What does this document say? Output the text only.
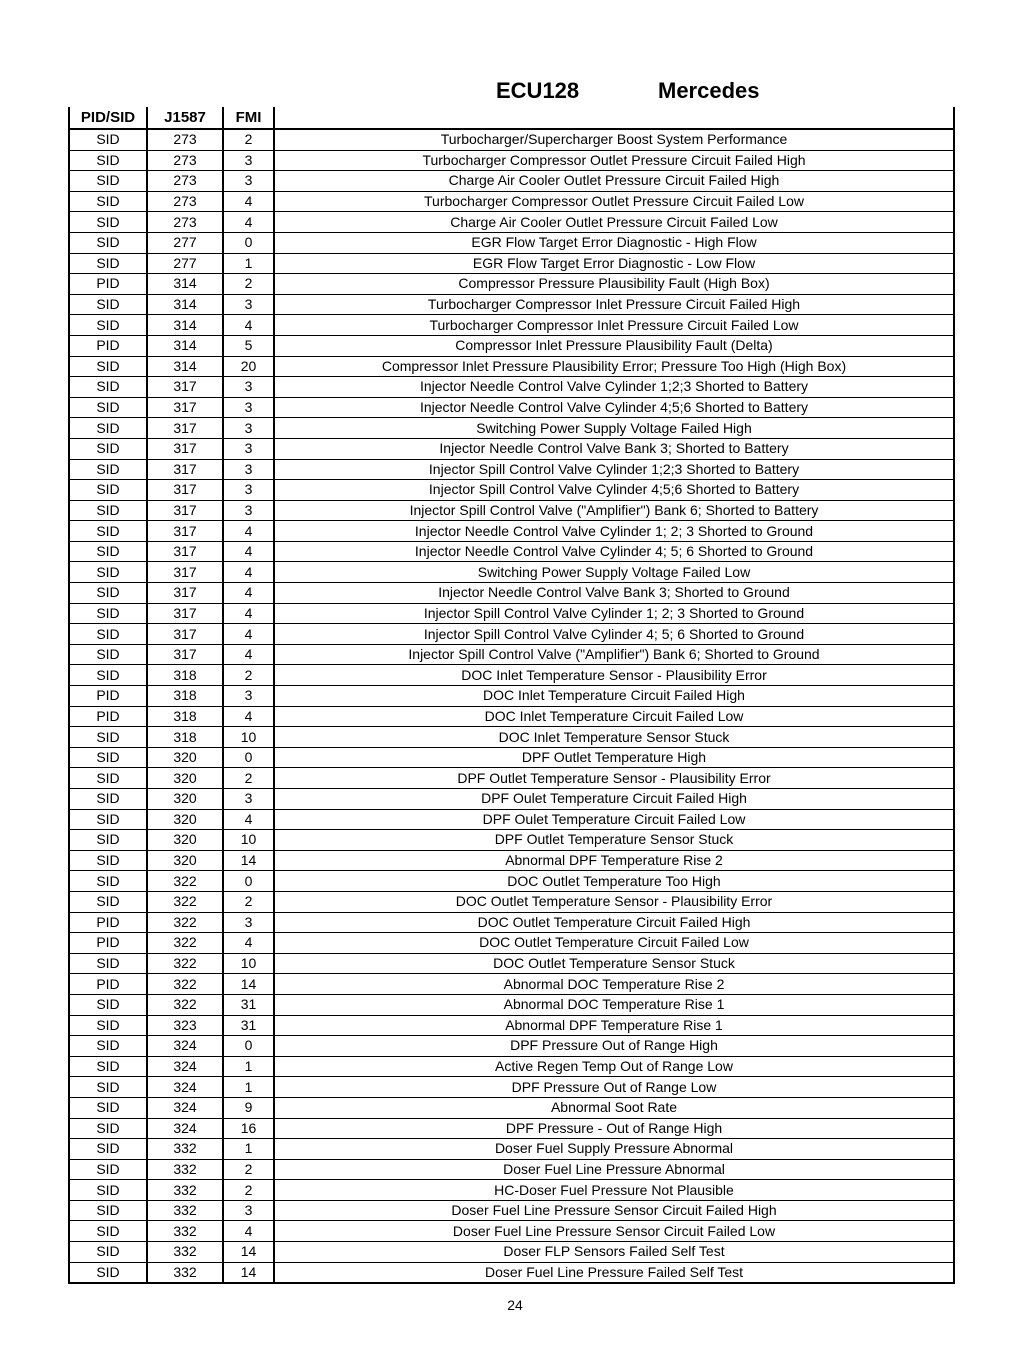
ECU128	Mercedes
PID/SID	J1587	FMI	
SID	273	2	Turbocharger/Supercharger Boost System Performance
SID	273	3	Turbocharger Compressor Outlet Pressure Circuit Failed High
SID	273	3	Charge Air Cooler Outlet Pressure Circuit Failed High
SID	273	4	Turbocharger Compressor Outlet Pressure Circuit Failed Low
SID	273	4	Charge Air Cooler Outlet Pressure Circuit Failed Low
SID	277	0	EGR Flow Target Error Diagnostic - High Flow
SID	277	1	EGR Flow Target Error Diagnostic - Low Flow
PID	314	2	Compressor Pressure Plausibility Fault (High Box)
SID	314	3	Turbocharger Compressor Inlet Pressure Circuit Failed High
SID	314	4	Turbocharger Compressor Inlet Pressure Circuit Failed Low
PID	314	5	Compressor Inlet Pressure Plausibility Fault (Delta)
SID	314	20	Compressor Inlet Pressure Plausibility Error; Pressure Too High (High Box)
SID	317	3	Injector Needle Control Valve Cylinder 1;2;3 Shorted to Battery
SID	317	3	Injector Needle Control Valve Cylinder 4;5;6 Shorted to Battery
SID	317	3	Switching Power Supply Voltage Failed High
SID	317	3	Injector Needle Control Valve Bank 3; Shorted to Battery
SID	317	3	Injector Spill Control Valve Cylinder 1;2;3 Shorted to Battery
SID	317	3	Injector Spill Control Valve Cylinder 4;5;6 Shorted to Battery
SID	317	3	Injector Spill Control Valve ("Amplifier") Bank 6; Shorted to Battery
SID	317	4	Injector Needle Control Valve Cylinder 1; 2; 3 Shorted to Ground
SID	317	4	Injector Needle Control Valve Cylinder 4; 5; 6 Shorted to Ground
SID	317	4	Switching Power Supply Voltage Failed Low
SID	317	4	Injector Needle Control Valve Bank 3; Shorted to Ground
SID	317	4	Injector Spill Control Valve Cylinder 1; 2; 3 Shorted to Ground
SID	317	4	Injector Spill Control Valve Cylinder 4; 5; 6 Shorted to Ground
SID	317	4	Injector Spill Control Valve ("Amplifier") Bank 6; Shorted to Ground
SID	318	2	DOC Inlet Temperature Sensor - Plausibility Error
PID	318	3	DOC Inlet Temperature Circuit Failed High
PID	318	4	DOC Inlet Temperature Circuit Failed Low
SID	318	10	DOC Inlet Temperature Sensor Stuck
SID	320	0	DPF Outlet Temperature High
SID	320	2	DPF Outlet Temperature Sensor - Plausibility Error
SID	320	3	DPF Oulet Temperature Circuit Failed High
SID	320	4	DPF Oulet Temperature Circuit Failed Low
SID	320	10	DPF Outlet Temperature Sensor Stuck
SID	320	14	Abnormal DPF Temperature Rise 2
SID	322	0	DOC Outlet Temperature Too High
SID	322	2	DOC Outlet Temperature Sensor - Plausibility Error
PID	322	3	DOC Outlet Temperature Circuit Failed High
PID	322	4	DOC Outlet Temperature Circuit Failed Low
SID	322	10	DOC Outlet Temperature Sensor Stuck
PID	322	14	Abnormal DOC Temperature Rise 2
SID	322	31	Abnormal DOC Temperature Rise 1
SID	323	31	Abnormal DPF Temperature Rise 1
SID	324	0	DPF Pressure Out of Range High
SID	324	1	Active Regen Temp Out of Range Low
SID	324	1	DPF Pressure Out of Range Low
SID	324	9	Abnormal Soot Rate
SID	324	16	DPF Pressure - Out of Range High
SID	332	1	Doser Fuel Supply Pressure Abnormal
SID	332	2	Doser Fuel Line Pressure Abnormal
SID	332	2	HC-Doser Fuel Pressure Not Plausible
SID	332	3	Doser Fuel Line Pressure Sensor Circuit Failed High
SID	332	4	Doser Fuel Line Pressure Sensor Circuit Failed Low
SID	332	14	Doser FLP Sensors Failed Self Test
SID	332	14	Doser Fuel Line Pressure Failed Self Test
24
